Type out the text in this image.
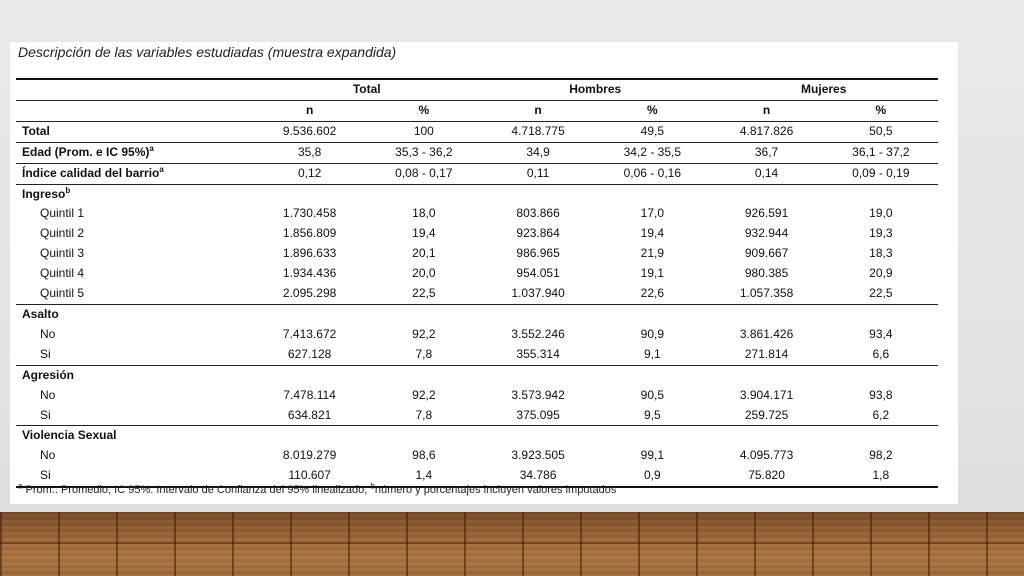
Descripción de las variables estudiadas (muestra expandida)
	Total		Hombres		Mujeres	
	n	%	n	%	n	%
Total	9.536.602	100	4.718.775	49,5	4.817.826	50,5
Edad (Prom. e IC 95%)$^a$	35,8	35,3 - 36,2	34,9	34,2 - 35,5	36,7	36,1 - 37,2
Índice calidad del barrio$^a$	0,12	0,08 - 0,17	0,11	0,06 - 0,16	0,14	0,09 - 0,19
Ingreso$^b$						
Quintil 1	1.730.458	18,0	803.866	17,0	926.591	19,0
Quintil 2	1.856.809	19,4	923.864	19,4	932.944	19,3
Quintil 3	1.896.633	20,1	986.965	21,9	909.667	18,3
Quintil 4	1.934.436	20,0	954.051	19,1	980.385	20,9
Quintil 5	2.095.298	22,5	1.037.940	22,6	1.057.358	22,5
Asalto						
No	7.413.672	92,2	3.552.246	90,9	3.861.426	93,4
Si	627.128	7,8	355.314	9,1	271.814	6,6
Agresión						
No	7.478.114	92,2	3.573.942	90,5	3.904.171	93,8
Si	634.821	7,8	375.095	9,5	259.725	6,2
Violencia Sexual						
No	8.019.279	98,6	3.923.505	99,1	4.095.773	98,2
Si	110.607	1,4	34.786	0,9	75.820	1,8
$^a$ Prom.: Promedio; IC 95%: Intervalo de Confianza del 95% linealizado; $^b$número y porcentajes incluyen valores imputados
